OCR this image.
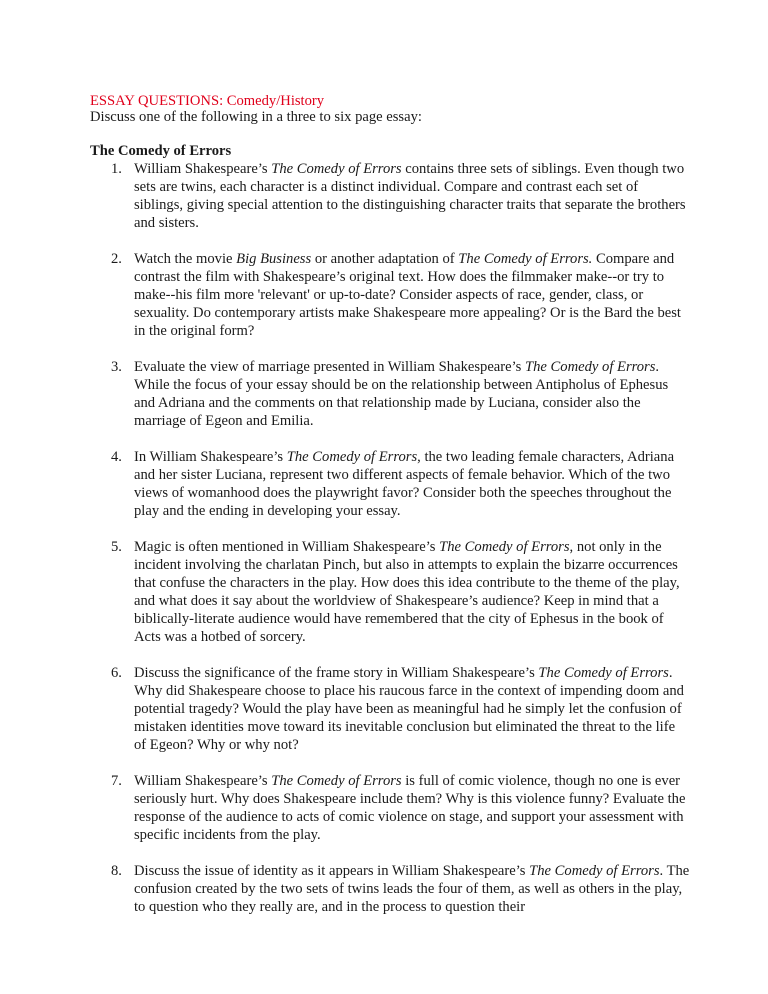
ESSAY QUESTIONS: Comedy/History
Discuss one of the following in a three to six page essay:
The Comedy of Errors
1. William Shakespeare’s The Comedy of Errors contains three sets of siblings. Even though two sets are twins, each character is a distinct individual. Compare and contrast each set of siblings, giving special attention to the distinguishing character traits that separate the brothers and sisters.
2. Watch the movie Big Business or another adaptation of The Comedy of Errors. Compare and contrast the film with Shakespeare’s original text. How does the filmmaker make--or try to make--his film more 'relevant' or up-to-date? Consider aspects of race, gender, class, or sexuality. Do contemporary artists make Shakespeare more appealing? Or is the Bard the best in the original form?
3. Evaluate the view of marriage presented in William Shakespeare’s The Comedy of Errors. While the focus of your essay should be on the relationship between Antipholus of Ephesus and Adriana and the comments on that relationship made by Luciana, consider also the marriage of Egeon and Emilia.
4. In William Shakespeare’s The Comedy of Errors, the two leading female characters, Adriana and her sister Luciana, represent two different aspects of female behavior. Which of the two views of womanhood does the playwright favor? Consider both the speeches throughout the play and the ending in developing your essay.
5. Magic is often mentioned in William Shakespeare’s The Comedy of Errors, not only in the incident involving the charlatan Pinch, but also in attempts to explain the bizarre occurrences that confuse the characters in the play. How does this idea contribute to the theme of the play, and what does it say about the worldview of Shakespeare’s audience? Keep in mind that a biblically-literate audience would have remembered that the city of Ephesus in the book of Acts was a hotbed of sorcery.
6. Discuss the significance of the frame story in William Shakespeare’s The Comedy of Errors. Why did Shakespeare choose to place his raucous farce in the context of impending doom and potential tragedy? Would the play have been as meaningful had he simply let the confusion of mistaken identities move toward its inevitable conclusion but eliminated the threat to the life of Egeon? Why or why not?
7. William Shakespeare’s The Comedy of Errors is full of comic violence, though no one is ever seriously hurt. Why does Shakespeare include them? Why is this violence funny? Evaluate the response of the audience to acts of comic violence on stage, and support your assessment with specific incidents from the play.
8. Discuss the issue of identity as it appears in William Shakespeare’s The Comedy of Errors. The confusion created by the two sets of twins leads the four of them, as well as others in the play, to question who they really are, and in the process to question their
